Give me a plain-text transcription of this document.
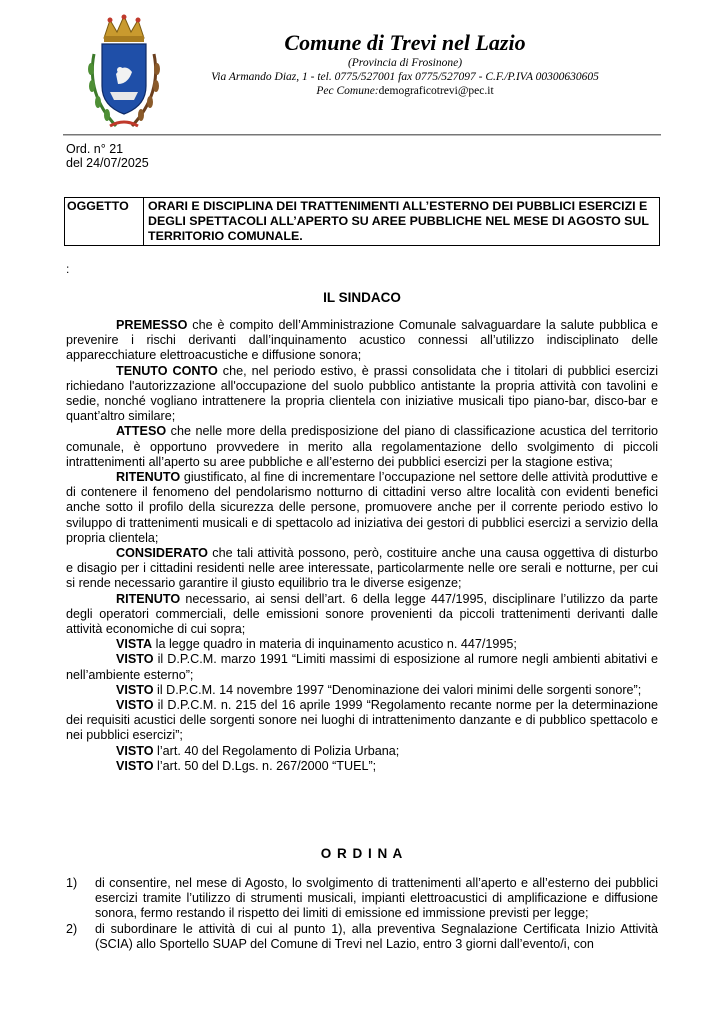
Comune di Trevi nel Lazio
(Provincia di Frosinone)
Via Armando Diaz, 1 - tel. 0775/527001 fax 0775/527097 - C.F./P.IVA 00300630605
Pec Comune:demograficotrevi@pec.it
Ord. n° 21
del 24/07/2025
OGGETTO	ORARI E DISCIPLINA DEI TRATTENIMENTI ALL’ESTERNO DEI PUBBLICI ESERCIZI E DEGLI SPETTACOLI ALL’APERTO SU AREE PUBBLICHE NEL MESE DI AGOSTO SUL TERRITORIO COMUNALE.
:
IL SINDACO

PREMESSO che è compito dell’Amministrazione Comunale salvaguardare la salute pubblica e prevenire i rischi derivanti dall’inquinamento acustico connessi all’utilizzo indisciplinato delle apparecchiature elettroacustiche e diffusione sonora;

TENUTO CONTO che, nel periodo estivo, è prassi consolidata che i titolari di pubblici esercizi richiedano l'autorizzazione all'occupazione del suolo pubblico antistante la propria attività con tavolini e sedie, nonché vogliano intrattenere la propria clientela con iniziative musicali tipo piano-bar, disco-bar e quant’altro similare;

ATTESO che nelle more della predisposizione del piano di classificazione acustica del territorio comunale, è opportuno provvedere in merito alla regolamentazione dello svolgimento di piccoli intrattenimenti all’aperto su aree pubbliche e all’esterno dei pubblici esercizi per la stagione estiva;

RITENUTO giustificato, al fine di incrementare l’occupazione nel settore delle attività produttive e di contenere il fenomeno del pendolarismo notturno di cittadini verso altre località con evidenti benefici anche sotto il profilo della sicurezza delle persone, promuovere anche per il corrente periodo estivo lo sviluppo di trattenimenti musicali e di spettacolo ad iniziativa dei gestori di pubblici esercizi a servizio della propria clientela;

CONSIDERATO che tali attività possono, però, costituire anche una causa oggettiva di disturbo e disagio per i cittadini residenti nelle aree interessate, particolarmente nelle ore serali e notturne, per cui si rende necessario garantire il giusto equilibrio tra le diverse esigenze;

RITENUTO necessario, ai sensi dell’art. 6 della legge 447/1995, disciplinare l’utilizzo da parte degli operatori commerciali, delle emissioni sonore provenienti da piccoli trattenimenti derivanti dalle attività economiche di cui sopra;

VISTA la legge quadro in materia di inquinamento acustico n. 447/1995;

VISTO il D.P.C.M. marzo 1991 “Limiti massimi di esposizione al rumore negli ambienti abitativi e nell’ambiente esterno”;

VISTO il D.P.C.M. 14 novembre 1997 “Denominazione dei valori minimi delle sorgenti sonore”;

VISTO il D.P.C.M. n. 215 del 16 aprile 1999 “Regolamento recante norme per la determinazione dei requisiti acustici delle sorgenti sonore nei luoghi di intrattenimento danzante e di pubblico spettacolo e nei pubblici esercizi”;

VISTO l’art. 40 del Regolamento di Polizia Urbana;

VISTO l’art. 50 del D.Lgs. n. 267/2000 “TUEL”;

O R D I N A
1)	di consentire, nel mese di Agosto, lo svolgimento di trattenimenti all’aperto e all’esterno dei pubblici esercizi tramite l’utilizzo di strumenti musicali, impianti elettroacustici di amplificazione e diffusione sonora, fermo restando il rispetto dei limiti di emissione ed immissione previsti per legge;
2)	di subordinare le attività di cui al punto 1), alla preventiva Segnalazione Certificata Inizio Attività (SCIA) allo Sportello SUAP del Comune di Trevi nel Lazio, entro 3 giorni dall’evento/i, con
